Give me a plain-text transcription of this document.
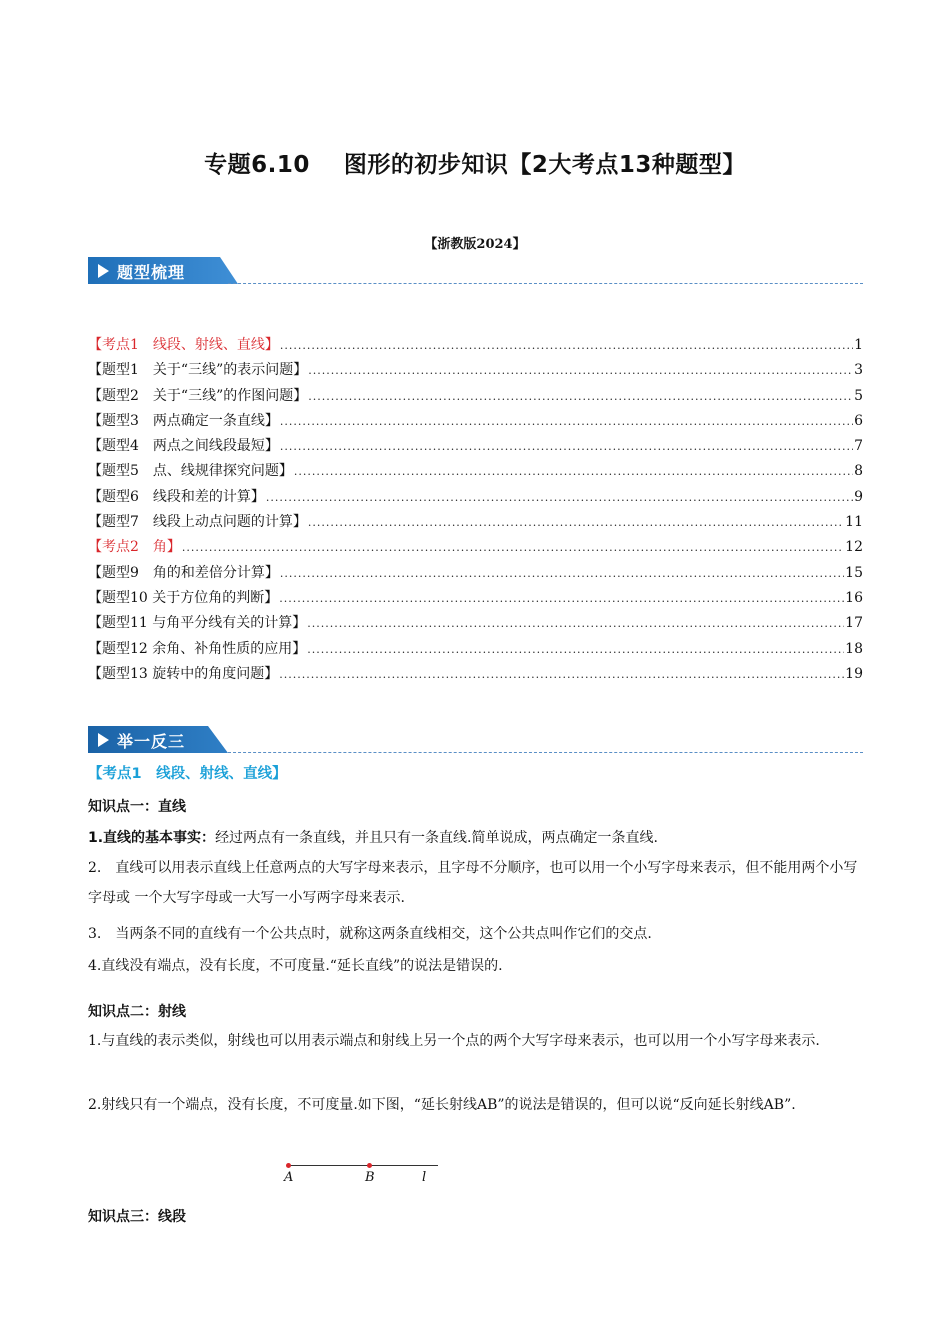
专题6.10 图形的初步知识【2大考点13种题型】
【浙教版2024】
题型梳理
【考点1　线段、射线、直线】 .....	1
【题型1　关于“三线”的表示问题】 .....	3
【题型2　关于“三线”的作图问题】 .....	5
【题型3　两点确定一条直线】 .....	6
【题型4　两点之间线段最短】 .....	7
【题型5　点、线规律探究问题】 .....	8
【题型6　线段和差的计算】 .....	9
【题型7　线段上动点问题的计算】 .....	11
【考点2　角】 .....	12
【题型9　角的和差倍分计算】 .....	15
【题型10 关于方位角的判断】 .....	16
【题型11 与角平分线有关的计算】 .....	17
【题型12 余角、补角性质的应用】 .....	18
【题型13 旋转中的角度问题】 .....	19
举一反三
【考点1　线段、射线、直线】
知识点一：直线
1.直线的基本事实：经过两点有一条直线，并且只有一条直线.简单说成，两点确定一条直线.
2.　直线可以用表示直线上任意两点的大写字母来表示，且字母不分顺序，也可以用一个小写字母来表示，但不能用两个小写字母或 一个大写字母或一大写一小写两字母来表示.
3.　当两条不同的直线有一个公共点时，就称这两条直线相交，这个公共点叫作它们的交点.
4.直线没有端点，没有长度，不可度量.“延长直线”的说法是错误的.
知识点二：射线
1.与直线的表示类似，射线也可以用表示端点和射线上另一个点的两个大写字母来表示，也可以用一个小写字母来表示.
2.射线只有一个端点，没有长度，不可度量.如下图，“延长射线AB”的说法是错误的，但可以说“反向延长射线AB”.
A	B	l
知识点三：线段
